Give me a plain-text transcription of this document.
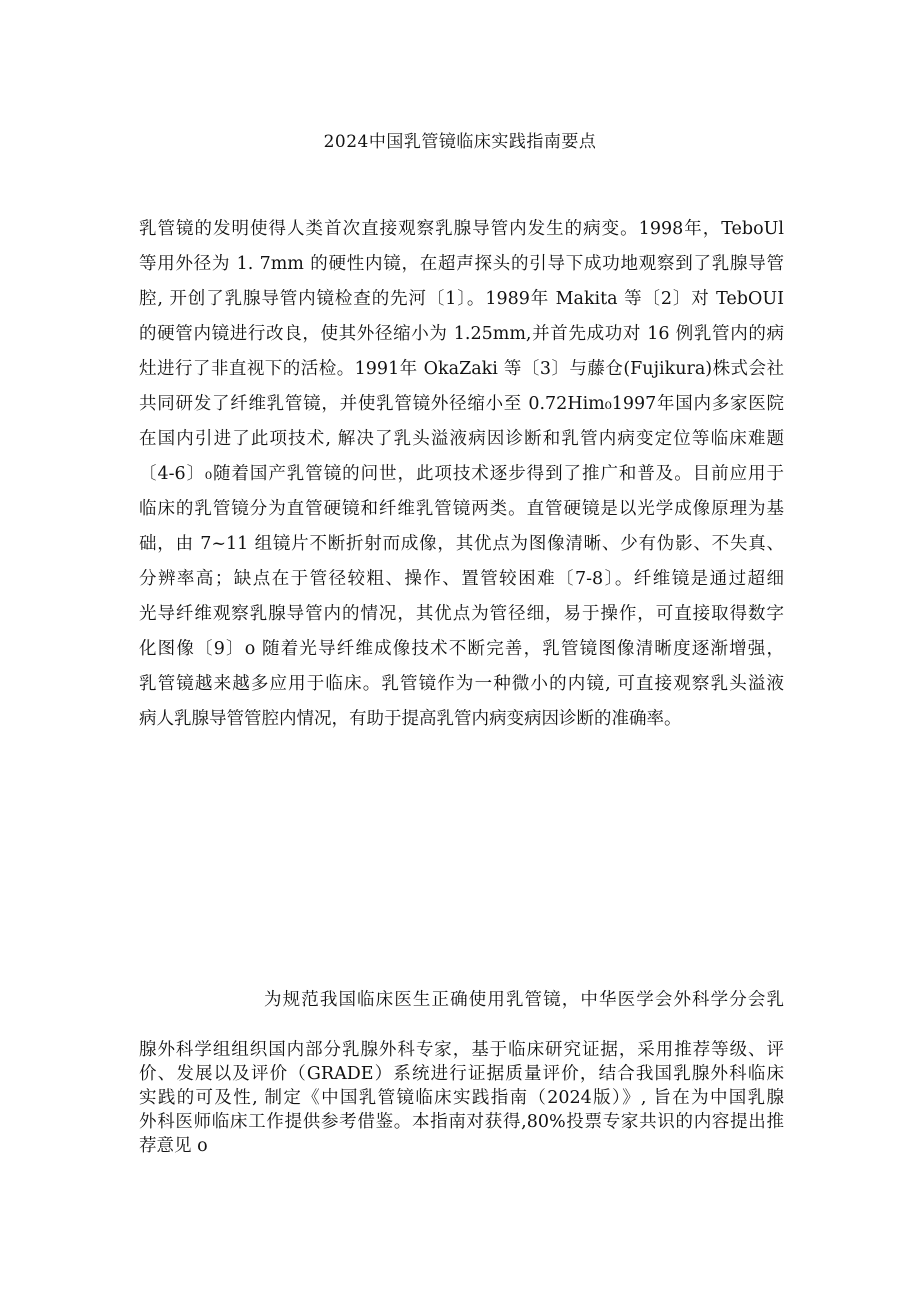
2024中国乳管镜临床实践指南要点
乳管镜的发明使得人类首次直接观察乳腺导管内发生的病变。1998年，TeboUl
等用外径为 1. 7mm 的硬性内镜，在超声探头的引导下成功地观察到了乳腺导管
腔, 开创了乳腺导管内镜检查的先河〔1〕。1989年 Makita 等〔2〕对 TebOUI
的硬管内镜进行改良，使其外径缩小为 1.25mm,并首先成功对 16 例乳管内的病
灶进行了非直视下的活检。1991年 OkaZaki 等〔3〕与藤仓(Fujikura)株式会社
共同研发了纤维乳管镜，并使乳管镜外径缩小至 0.72Him₀1997年国内多家医院
在国内引进了此项技术, 解决了乳头溢液病因诊断和乳管内病变定位等临床难题
〔4-6〕₀随着国产乳管镜的问世，此项技术逐步得到了推广和普及。目前应用于
临床的乳管镜分为直管硬镜和纤维乳管镜两类。直管硬镜是以光学成像原理为基
础，由 7~11 组镜片不断折射而成像，其优点为图像清晰、少有伪影、不失真、
分辨率高；缺点在于管径较粗、操作、置管较困难〔7-8〕。纤维镜是通过超细
光导纤维观察乳腺导管内的情况，其优点为管径细，易于操作，可直接取得数字
化图像〔9〕o 随着光导纤维成像技术不断完善，乳管镜图像清晰度逐渐增强，
乳管镜越来越多应用于临床。乳管镜作为一种微小的内镜, 可直接观察乳头溢液
病人乳腺导管管腔内情况，有助于提高乳管内病变病因诊断的准确率。
为规范我国临床医生正确使用乳管镜，中华医学会外科学分会乳
腺外科学组组织国内部分乳腺外科专家，基于临床研究证据，采用推荐等级、评
价、发展以及评价（GRADE）系统进行证据质量评价，结合我国乳腺外科临床
实践的可及性, 制定《中国乳管镜临床实践指南（2024版）》, 旨在为中国乳腺
外科医师临床工作提供参考借鉴。本指南对获得,80%投票专家共识的内容提出推
荐意见 o
